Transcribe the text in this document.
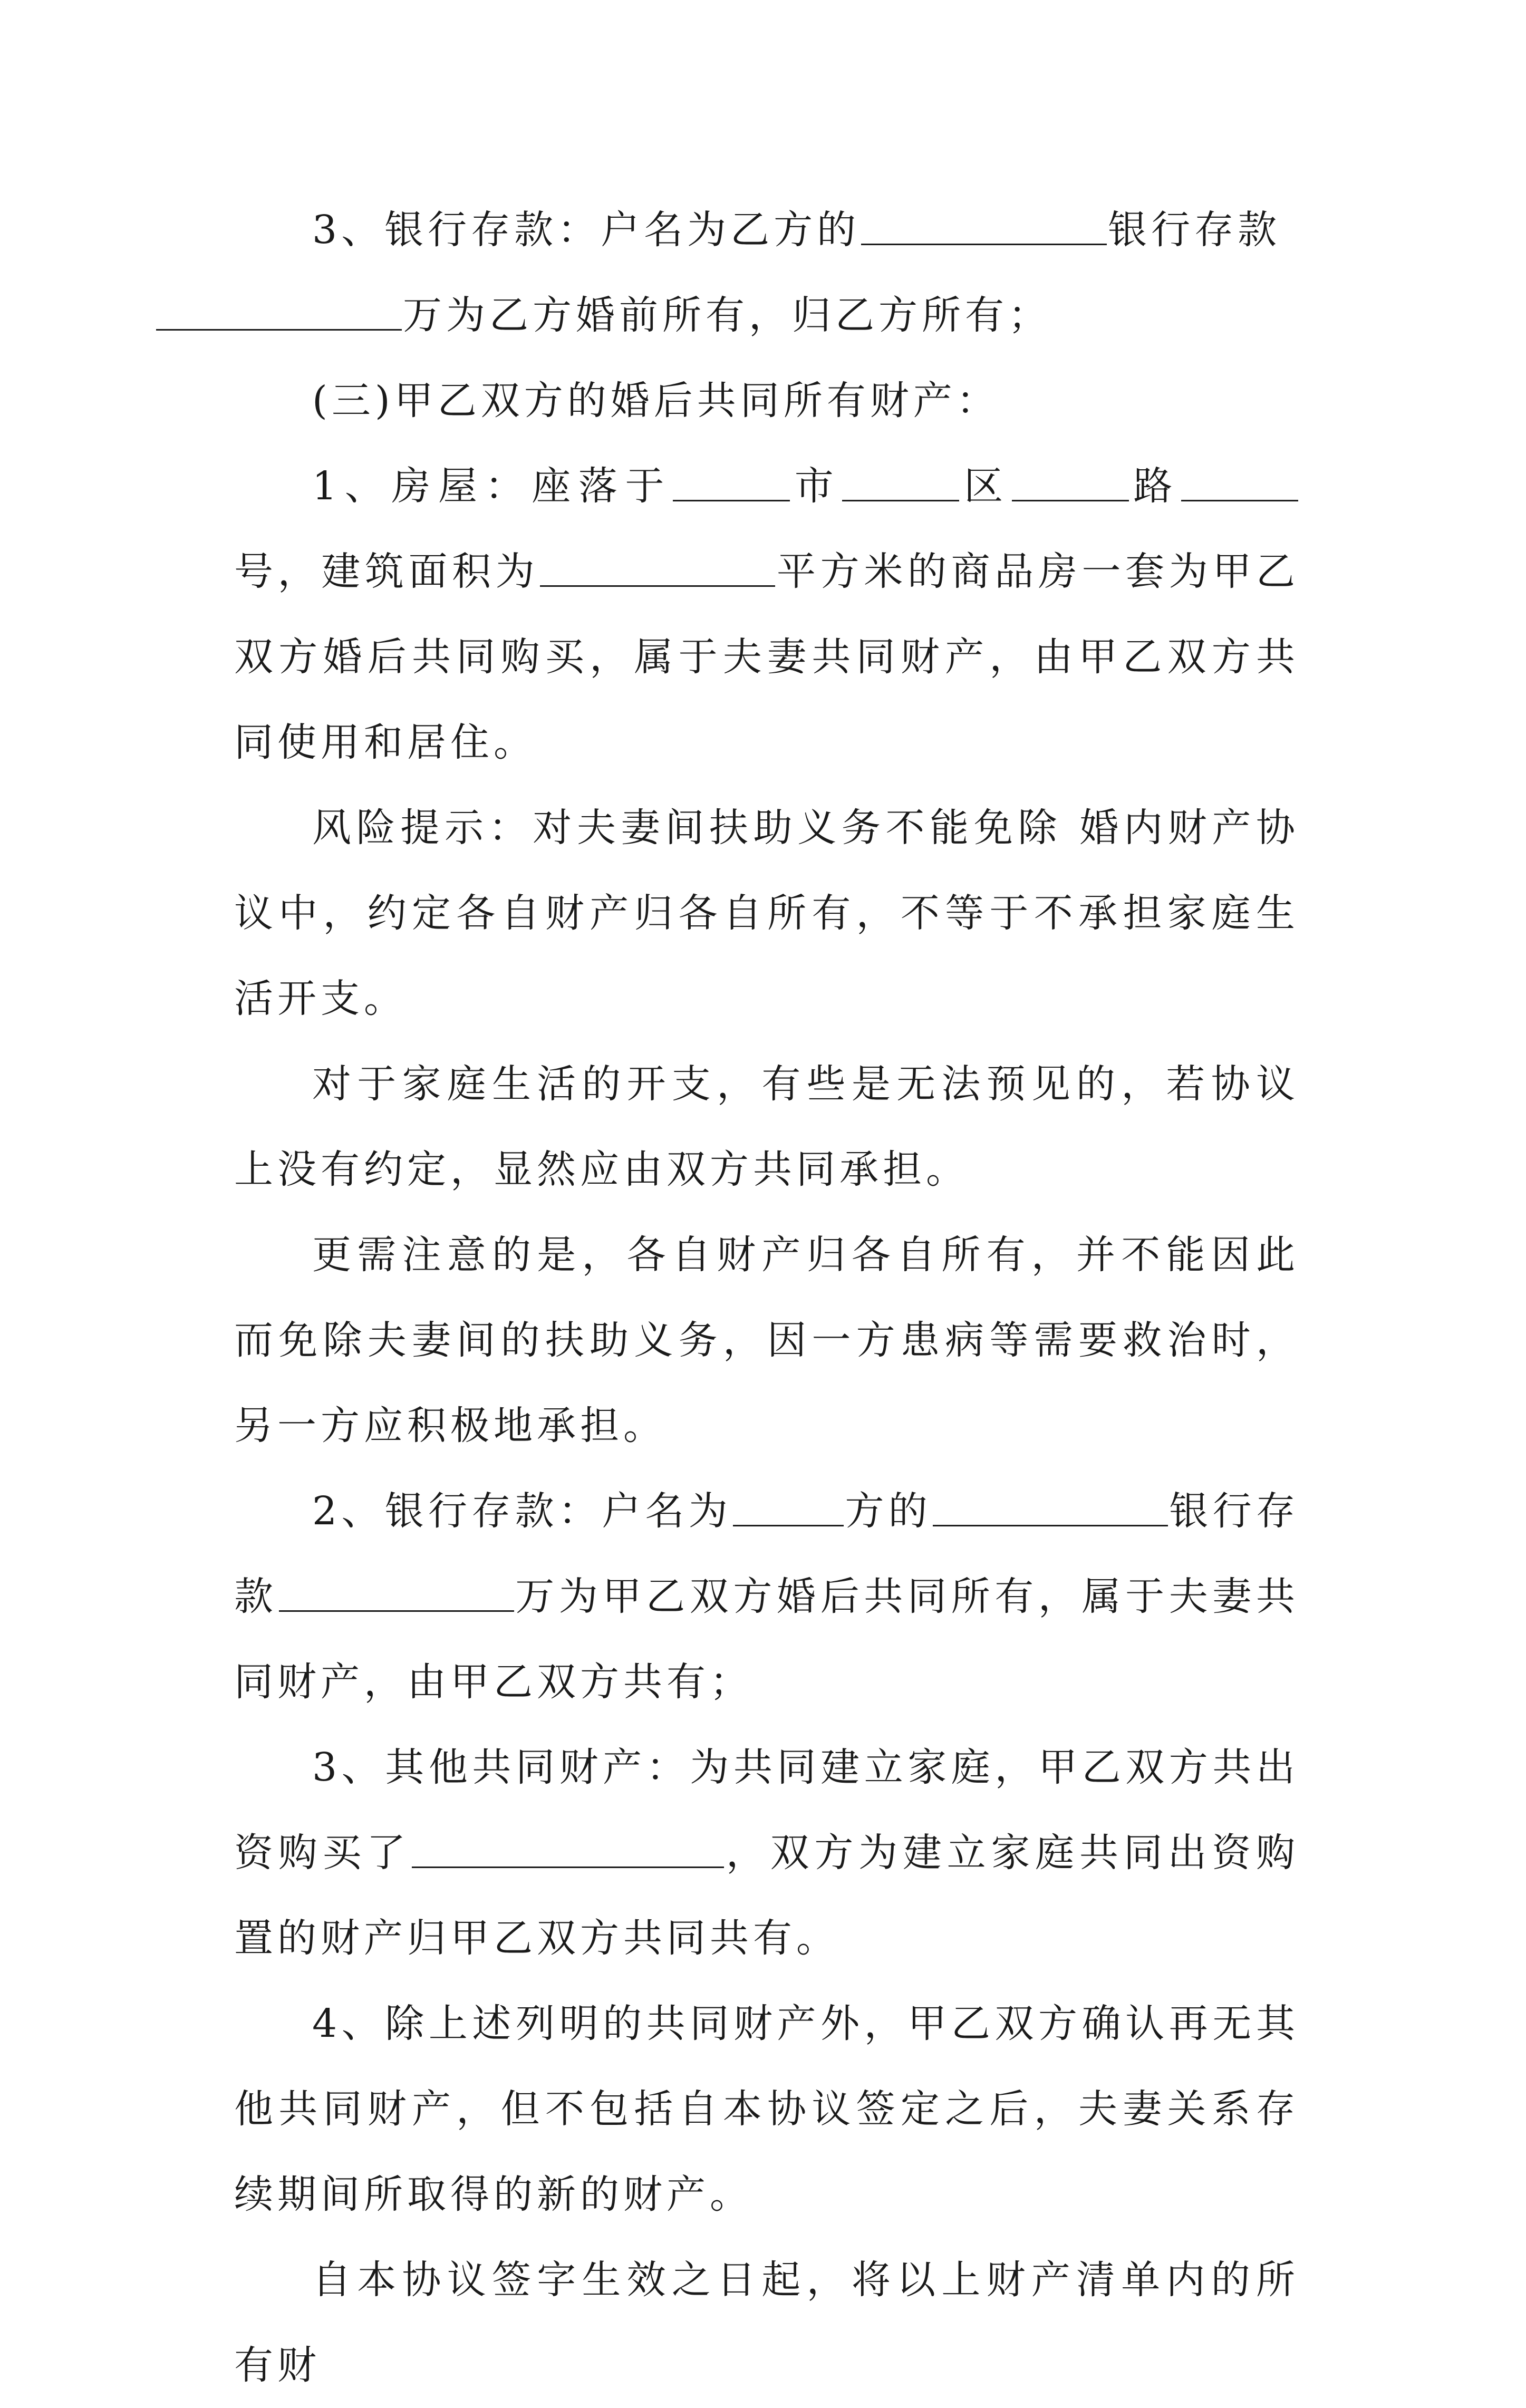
3、银行存款：户名为乙方的	银行存款
万为乙方婚前所有，归乙方所有；

(三)甲乙双方的婚后共同所有财产：

1、房屋：座落于	市	区	路号，建筑面积为	平方米的商品房一套为甲乙双方婚后共同购买，属于夫妻共同财产，由甲乙双方共同使用和居住。

风险提示：对夫妻间扶助义务不能免除 婚内财产协议中，约定各自财产归各自所有，不等于不承担家庭生活开支。

对于家庭生活的开支，有些是无法预见的，若协议上没有约定，显然应由双方共同承担。

更需注意的是，各自财产归各自所有，并不能因此而免除夫妻间的扶助义务，因一方患病等需要救治时，另一方应积极地承担。

2、银行存款：户名为	方的	银行存款	万为甲乙双方婚后共同所有，属于夫妻共同财产，由甲乙双方共有；

3、其他共同财产：为共同建立家庭，甲乙双方共出资购买了	，双方为建立家庭共同出资购置的财产归甲乙双方共同共有。

4、除上述列明的共同财产外，甲乙双方确认再无其他共同财产，但不包括自本协议签定之后，夫妻关系存续期间所取得的新的财产。

自本协议签字生效之日起，将以上财产清单内的所有财
